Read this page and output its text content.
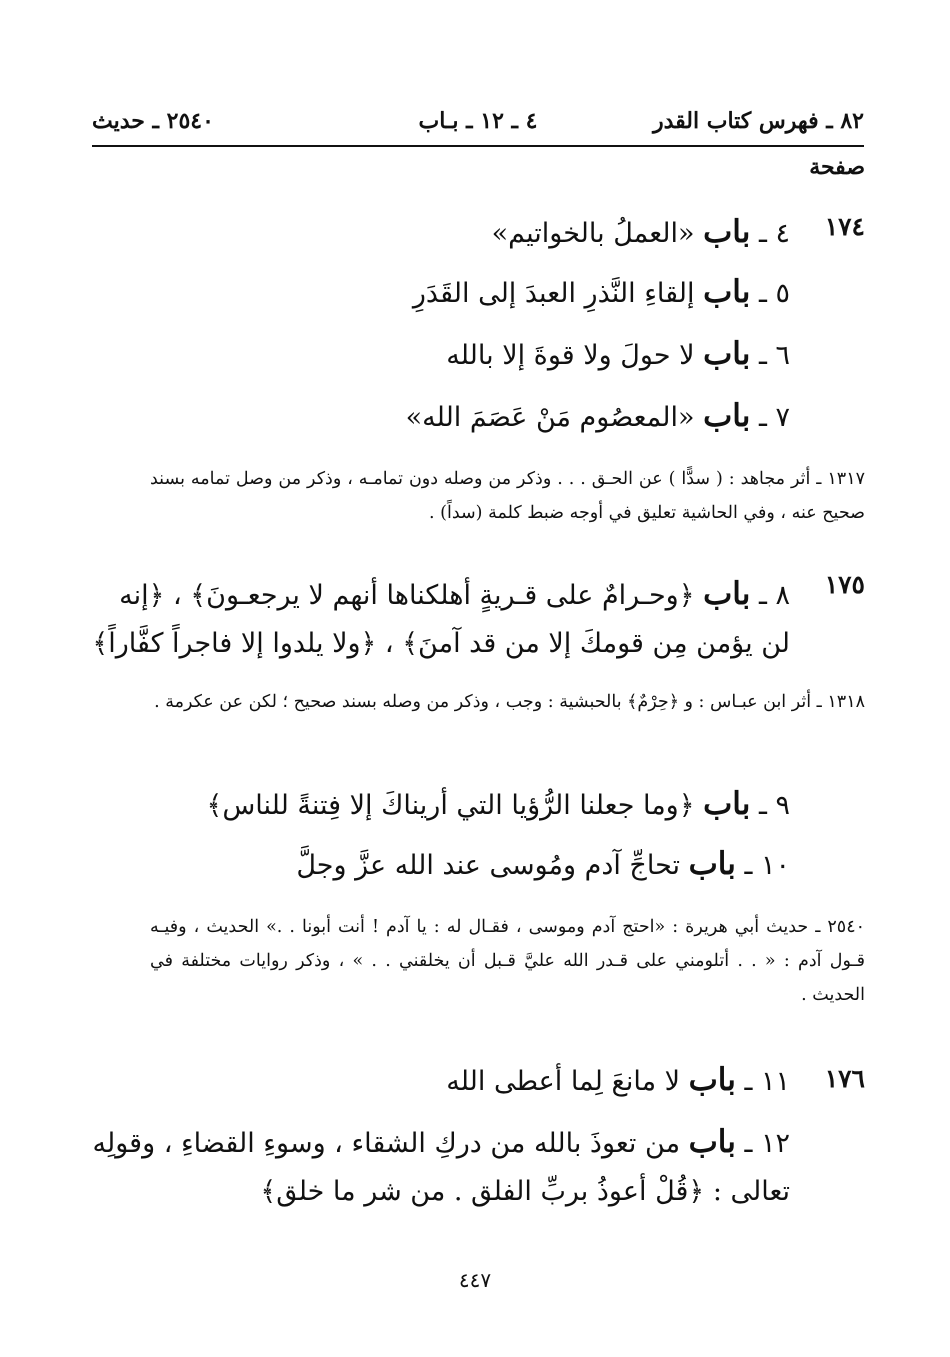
٨٢ ـ فهرس كتاب القدر
٤ ـ ١٢ ـ بـاب
٢٥٤٠ ـ حديث
صفحة
١٧٤
٤ ـ باب «العملُ بالخواتيم»
٥ ـ باب إلقاءِ النَّذرِ العبدَ إلى القَدَرِ
٦ ـ باب لا حولَ ولا قوةَ إلا بالله
٧ ـ باب «المعصُوم مَنْ عَصَمَ الله»
١٣١٧ ـ أثر مجاهد : ( سدًّا ) عن الحـق . . . وذكر من وصله دون تمامـه ، وذكر من وصل تمامه بسند صحيح عنه ، وفي الحاشية تعليق في أوجه ضبط كلمة (سداً) .
١٧٥
٨ ـ باب ﴿وحـرامٌ على قـريةٍ أهلكناها أنهم لا يرجعـونَ﴾ ، ﴿إنه لن يؤمن مِن قومكَ إلا من قد آمنَ﴾ ، ﴿ولا يلدوا إلا فاجراً كفَّاراً﴾
١٣١٨ ـ أثر ابن عبـاس : و ﴿حِرْمٌ﴾ بالحبشية : وجب ، وذكر من وصله بسند صحيح ؛ لكن عن عكرمة .
٩ ـ باب ﴿وما جعلنا الرُّؤيا التي أريناكَ إلا فِتنةً للناس﴾
١٠ ـ باب تحاجِّ آدم ومُوسى عند الله عزَّ وجلَّ
٢٥٤٠ ـ حديث أبي هريرة : «احتج آدم وموسى ، فقـال له : يا آدم ! أنت أبونا . .» الحديث ، وفيـه قـول آدم : « . . أتلومني على قـدر الله عليَّ قـبل أن يخلقني . . » ، وذكر روايات مختلفة في الحديث .
١٧٦
١١ ـ باب لا مانعَ لِما أعطى الله
١٢ ـ باب من تعوذَ بالله من دركِ الشقاء ، وسوءِ القضاءِ ، وقولِه تعالى : ﴿قُلْ أعوذُ بربِّ الفلق . من شر ما خلق﴾
٤٤٧
